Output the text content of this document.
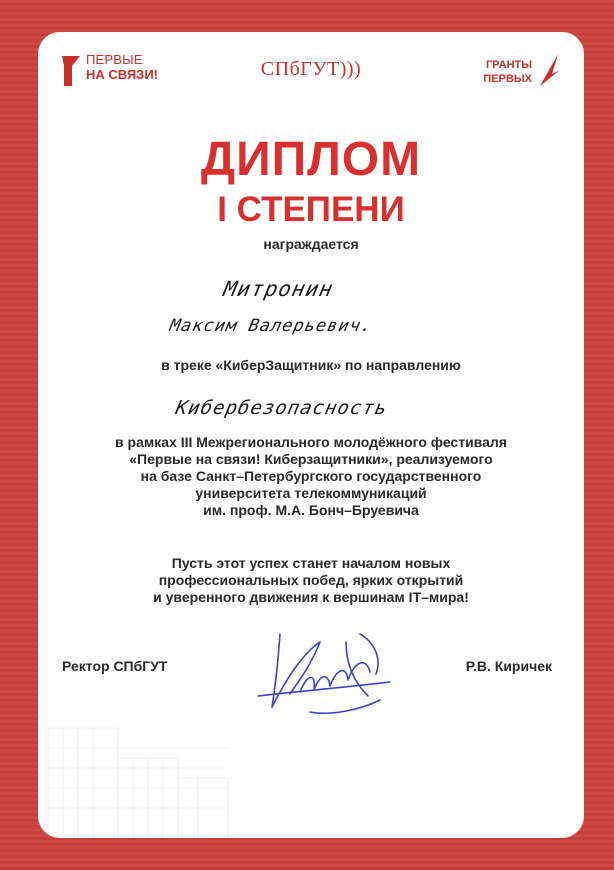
ПЕРВЫЕ
НА СВЯЗИ!	СПбГУТ)))	ГРАНТЫ
ПЕРВЫХ
ДИПЛОМ
I СТЕПЕНИ
награждается
Митронин
Максим Валерьевич.
в треке «КиберЗащитник» по направлению
Кибербезопасность
в рамках III Межрегионального молодёжного фестиваля
«Первые на связи! Киберзащитники», реализуемого
на базе Санкт–Петербургского государственного
университета телекоммуникаций
им. проф. М.А. Бонч–Бруевича
Пусть этот успех станет началом новых
профессиональных побед, ярких открытий
и уверенного движения к вершинам IT–мира!
Ректор СПбГУТ	Р.В. Киричек
